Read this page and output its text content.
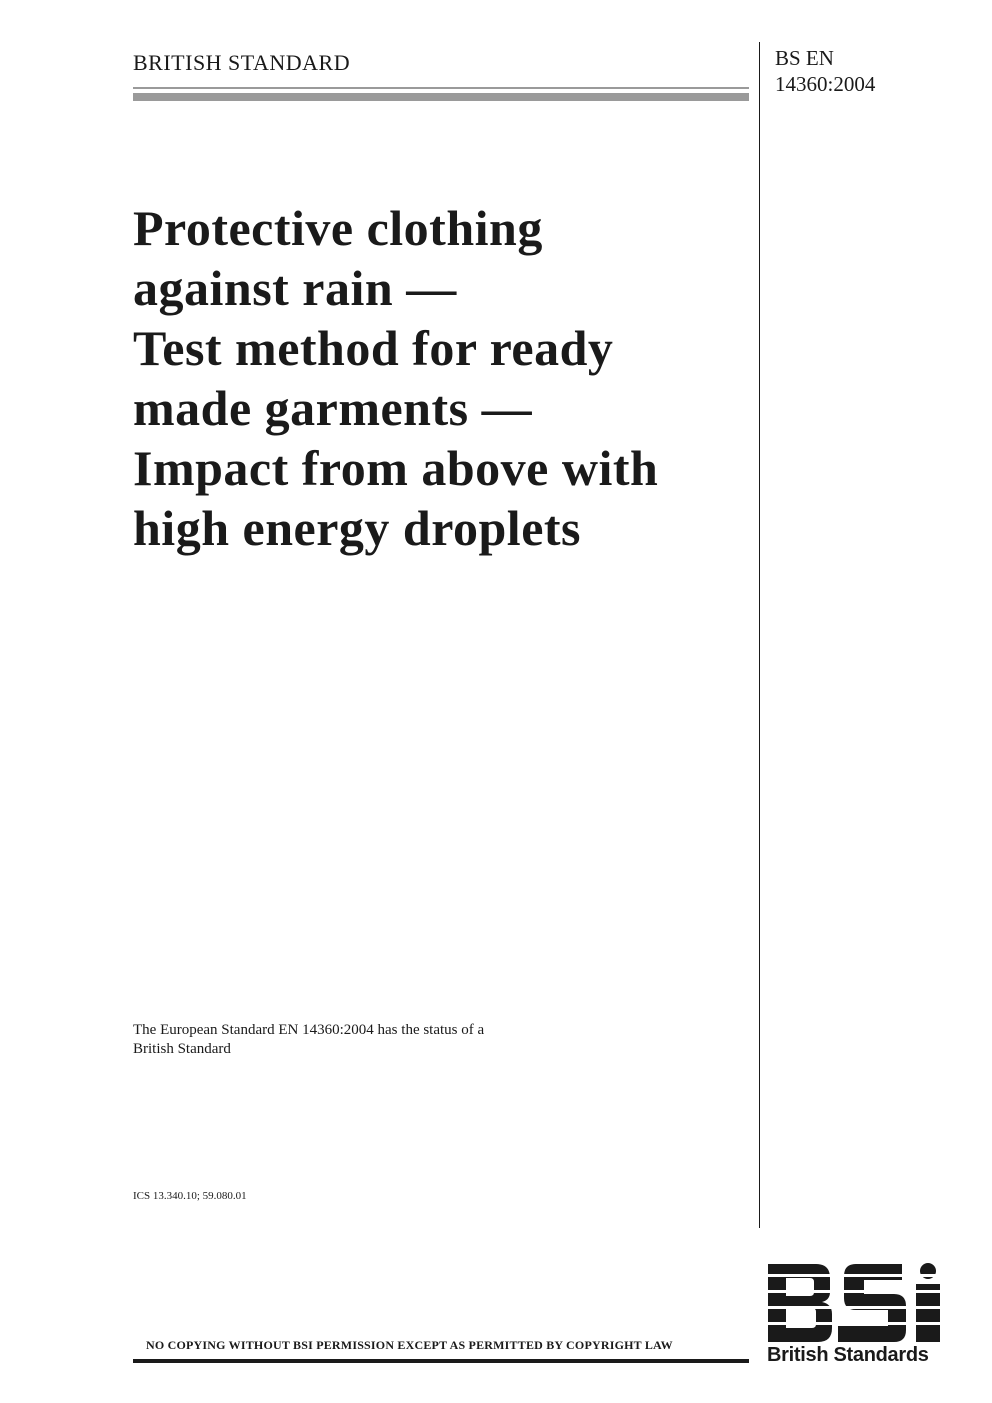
BRITISH STANDARD	BS EN
14360:2004
Protective clothing
against rain —
Test method for ready
made garments —
Impact from above with
high energy droplets
The European Standard EN 14360:2004 has the status of a
British Standard
ICS 13.340.10; 59.080.01
NO COPYING WITHOUT BSI PERMISSION EXCEPT AS PERMITTED BY COPYRIGHT LAW	British Standards
